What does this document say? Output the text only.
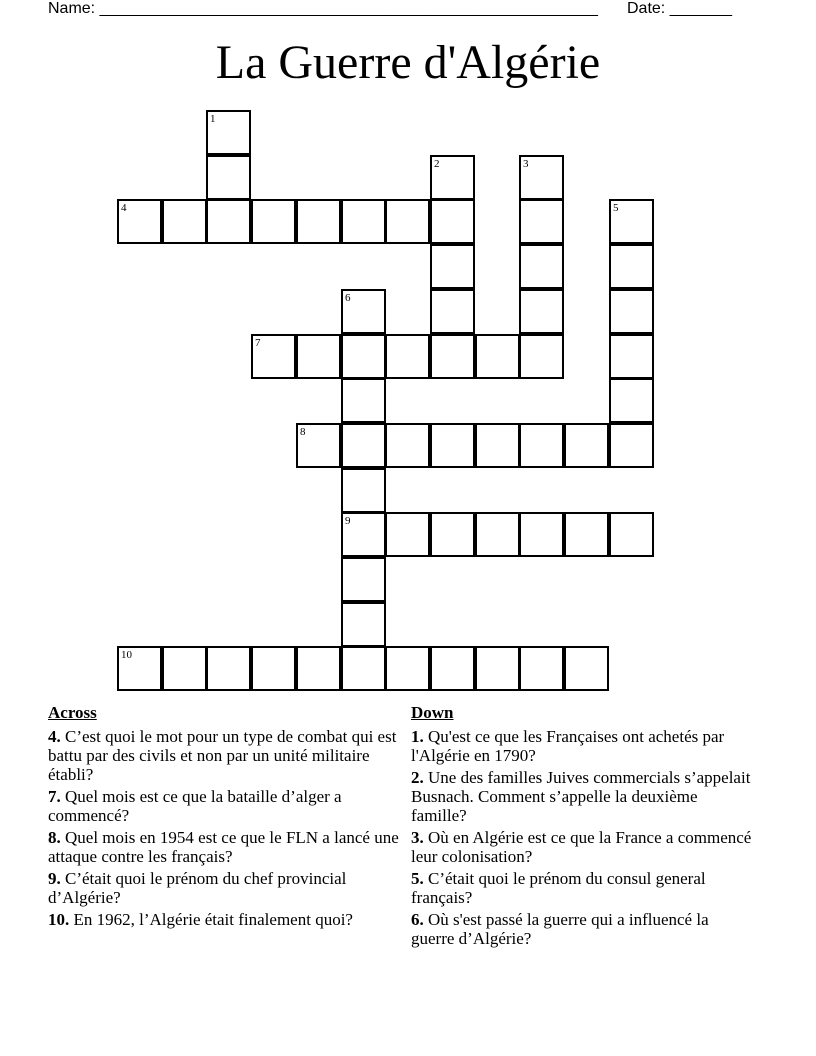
Name: ________________________________________________________ Date: _______
La Guerre d'Algérie
1
2	3
4	5
6
9
7
8
10
Across
4. C’est quoi le mot pour un type de combat qui est battu par des civils et non par un unité militaire établi?
7. Quel mois est ce que la bataille d’alger a commencé?
8. Quel mois en 1954 est ce que le FLN a lancé une attaque contre les français?
9. C’était quoi le prénom du chef provincial d’Algérie?
10. En 1962, l’Algérie était finalement quoi?
Down
1. Qu'est ce que les Françaises ont achetés par l'Algérie en 1790?
2. Une des familles Juives commercials s’appelait Busnach. Comment s’appelle la deuxième famille?
3. Où en Algérie est ce que la France a commencé leur colonisation?
5. C’était quoi le prénom du consul general français?
6. Où s'est passé la guerre qui a influencé la guerre d’Algérie?
